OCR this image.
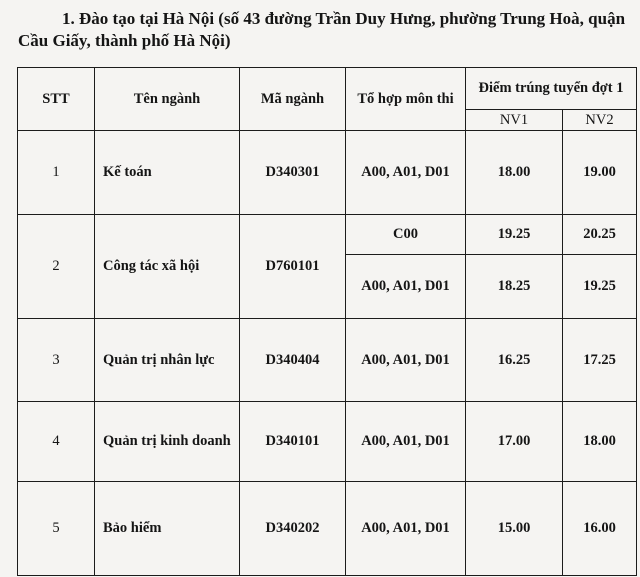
1. Đào tạo tại Hà Nội (số 43 đường Trần Duy Hưng, phường Trung Hoà, quận
Cầu Giấy, thành phố Hà Nội)
STT	Tên ngành	Mã ngành	Tổ hợp môn thi	Điểm trúng tuyển đợt 1	
				NV1	NV2
1	Kế toán	D340301	A00, A01, D01	18.00	19.00
2	Công tác xã hội	D760101	C00	19.25	20.25
			A00, A01, D01	18.25	19.25
3	Quản trị nhân lực	D340404	A00, A01, D01	16.25	17.25
4	Quản trị kinh doanh	D340101	A00, A01, D01	17.00	18.00
5	Bảo hiểm	D340202	A00, A01, D01	15.00	16.00
